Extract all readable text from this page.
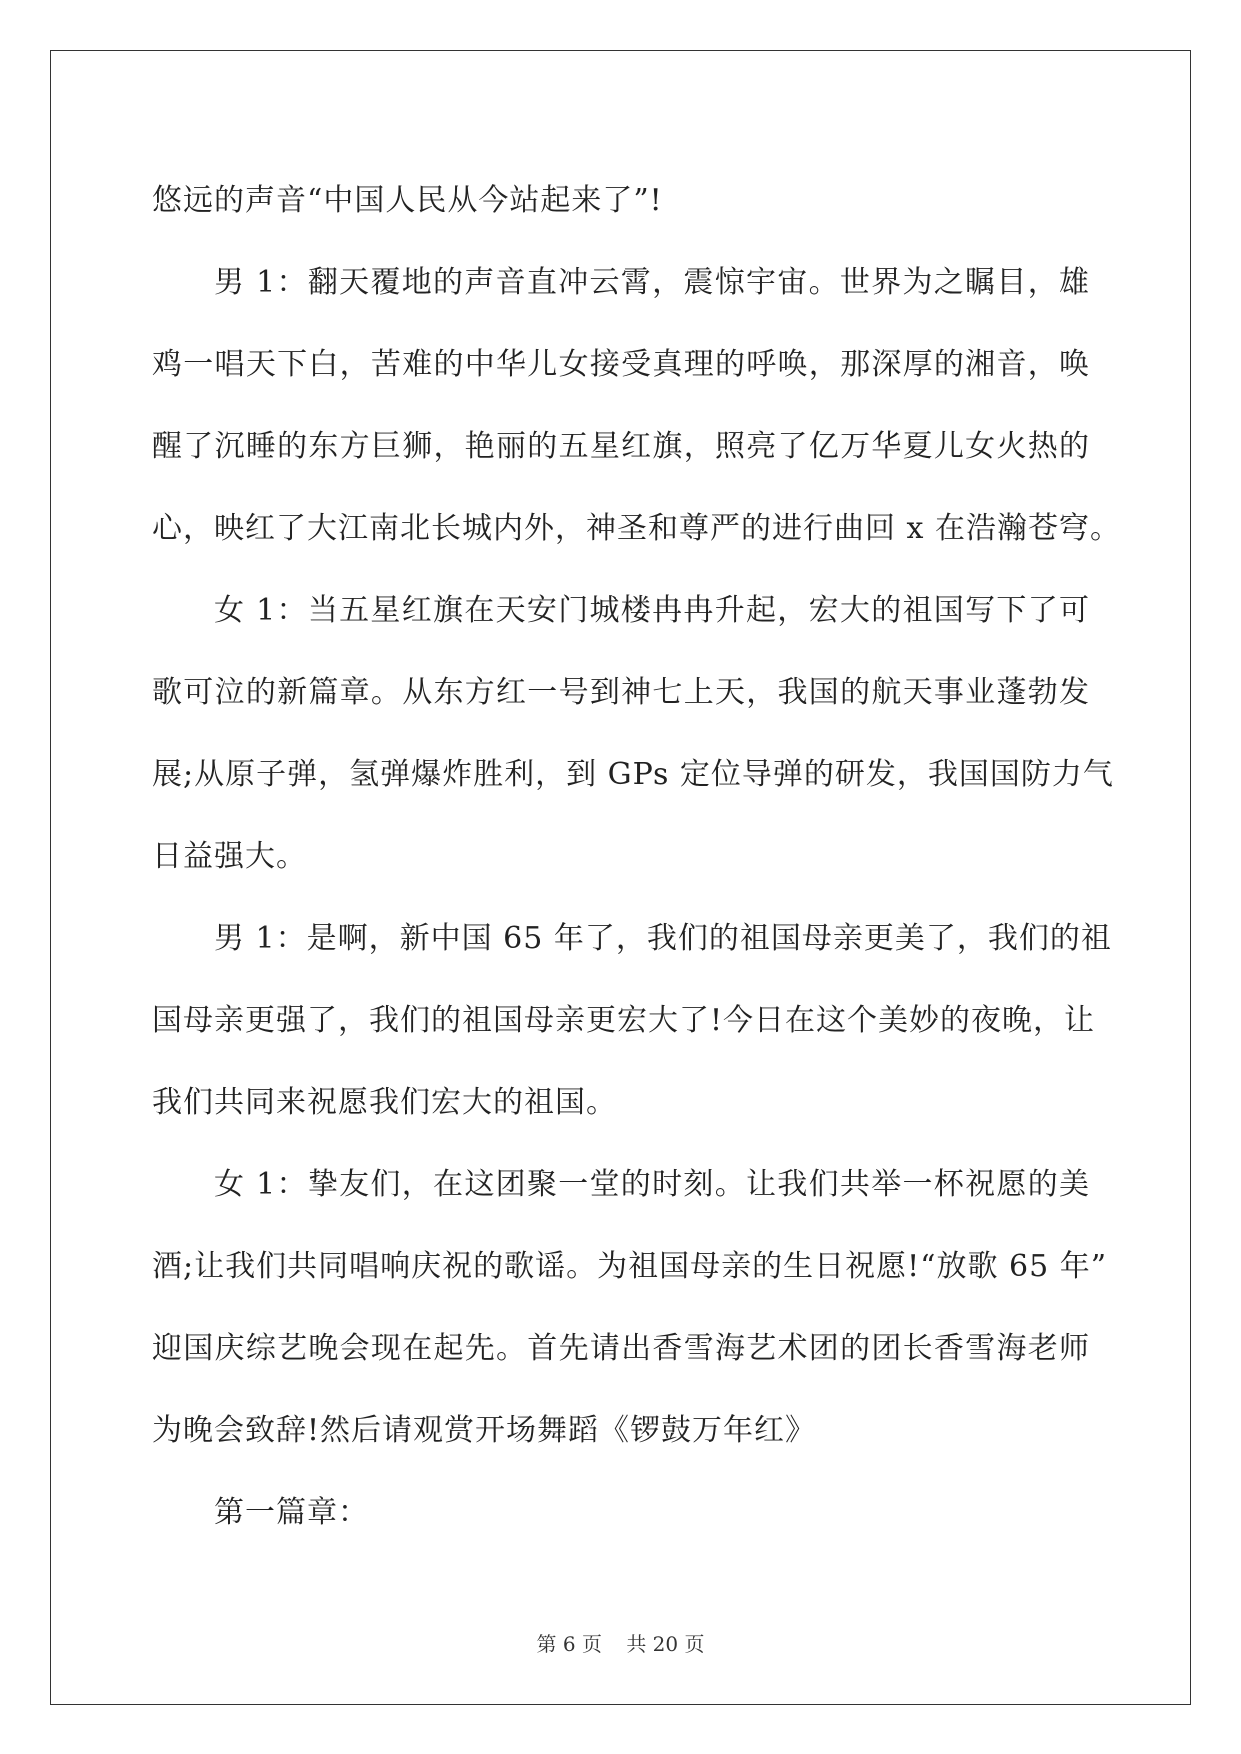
悠远的声音“中国人民从今站起来了”!
男 1：翻天覆地的声音直冲云霄，震惊宇宙。世界为之瞩目，雄
鸡一唱天下白，苦难的中华儿女接受真理的呼唤，那深厚的湘音，唤
醒了沉睡的东方巨狮，艳丽的五星红旗，照亮了亿万华夏儿女火热的
心，映红了大江南北长城内外，神圣和尊严的进行曲回 x 在浩瀚苍穹。
女 1：当五星红旗在天安门城楼冉冉升起，宏大的祖国写下了可
歌可泣的新篇章。从东方红一号到神七上天，我国的航天事业蓬勃发
展;从原子弹，氢弹爆炸胜利，到 GPs 定位导弹的研发，我国国防力气
日益强大。
男 1：是啊，新中国 65 年了，我们的祖国母亲更美了，我们的祖
国母亲更强了，我们的祖国母亲更宏大了!今日在这个美妙的夜晚，让
我们共同来祝愿我们宏大的祖国。
女 1：挚友们，在这团聚一堂的时刻。让我们共举一杯祝愿的美
酒;让我们共同唱响庆祝的歌谣。为祖国母亲的生日祝愿!“放歌 65 年”
迎国庆综艺晚会现在起先。首先请出香雪海艺术团的团长香雪海老师
为晚会致辞!然后请观赏开场舞蹈《锣鼓万年红》
第一篇章：
第 6 页 共 20 页
